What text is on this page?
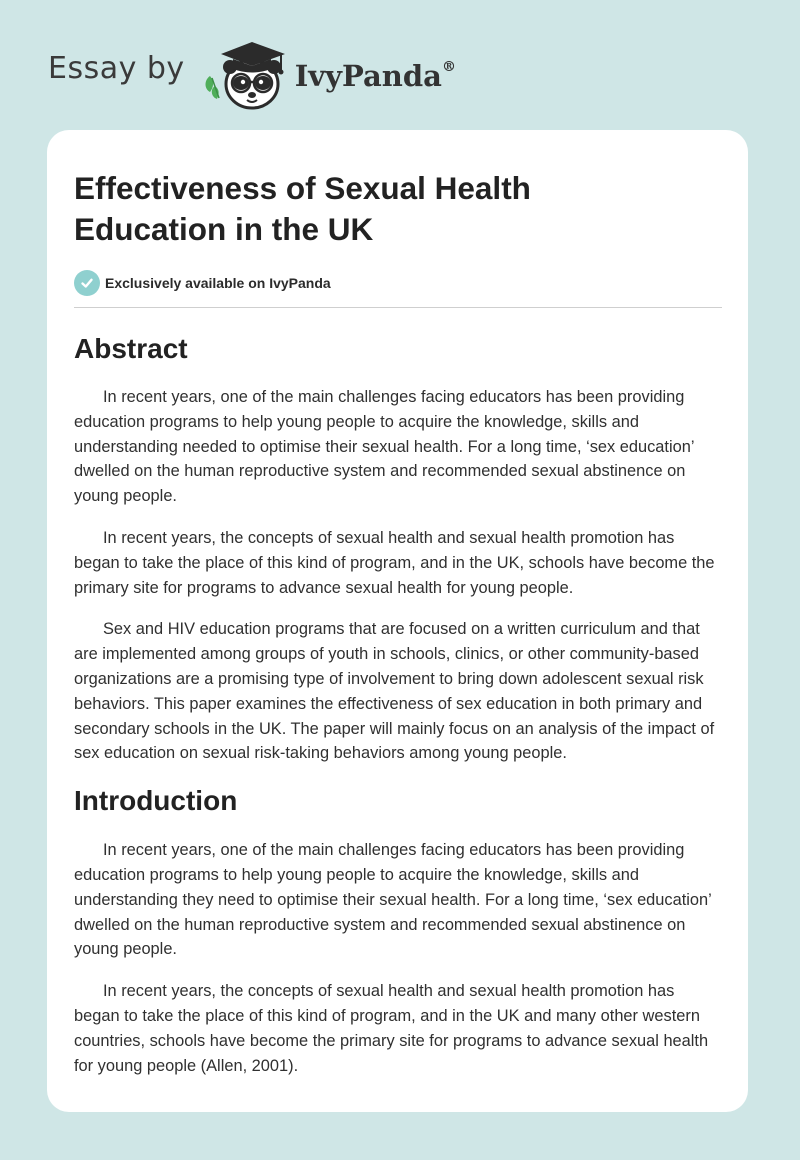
Essay by	IvyPanda®
Effectiveness of Sexual Health Education in the UK
Exclusively available on IvyPanda
Abstract

In recent years, one of the main challenges facing educators has been providing education programs to help young people to acquire the knowledge, skills and understanding needed to optimise their sexual health. For a long time, ‘sex education’ dwelled on the human reproductive system and recommended sexual abstinence on young people.

In recent years, the concepts of sexual health and sexual health promotion has began to take the place of this kind of program, and in the UK, schools have become the primary site for programs to advance sexual health for young people.

Sex and HIV education programs that are focused on a written curriculum and that are implemented among groups of youth in schools, clinics, or other community-based organizations are a promising type of involvement to bring down adolescent sexual risk behaviors. This paper examines the effectiveness of sex education in both primary and secondary schools in the UK. The paper will mainly focus on an analysis of the impact of sex education on sexual risk-taking behaviors among young people.

Introduction

In recent years, one of the main challenges facing educators has been providing education programs to help young people to acquire the knowledge, skills and understanding they need to optimise their sexual health. For a long time, ‘sex education’ dwelled on the human reproductive system and recommended sexual abstinence on young people.

In recent years, the concepts of sexual health and sexual health promotion has began to take the place of this kind of program, and in the UK and many other western countries, schools have become the primary site for programs to advance sexual health for young people (Allen, 2001).
